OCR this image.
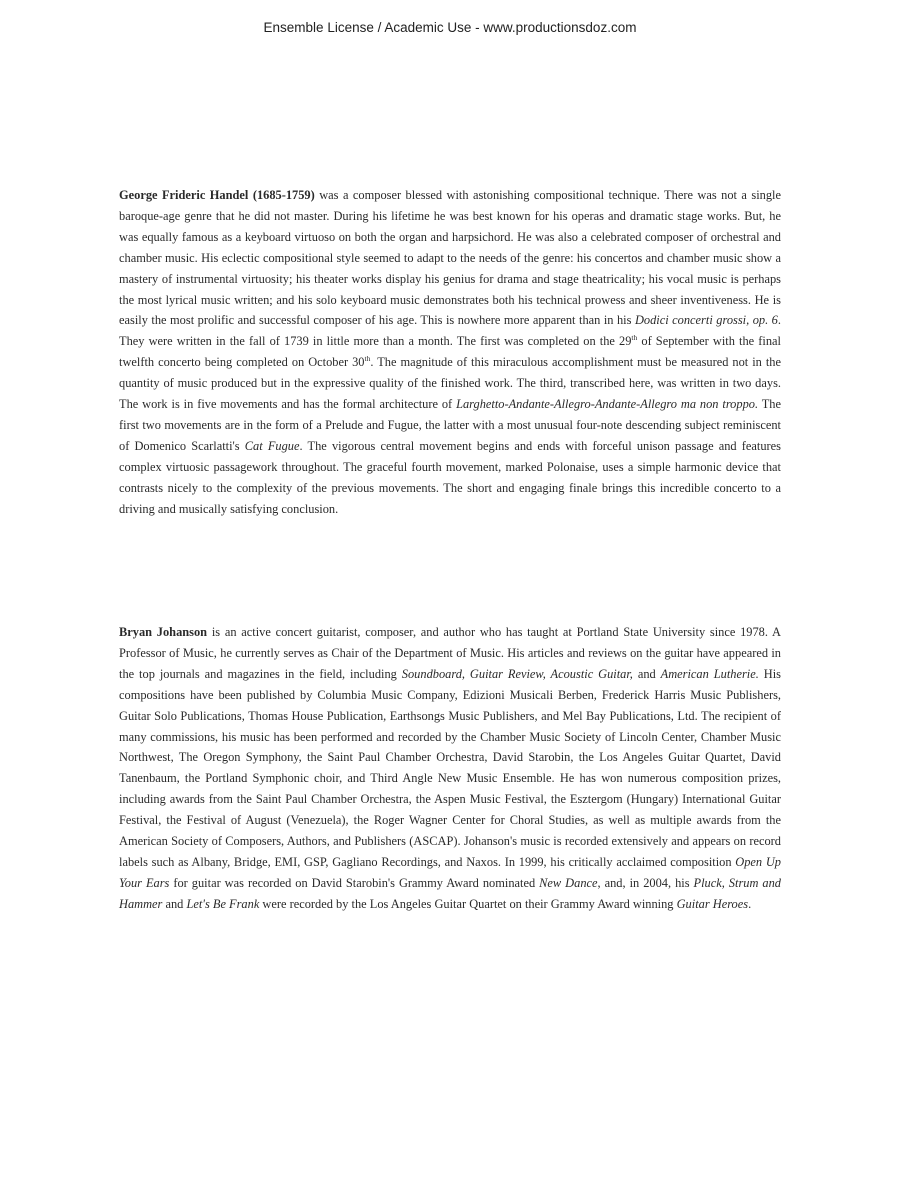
Ensemble License / Academic Use - www.productionsdoz.com

George Frideric Handel (1685-1759) was a composer blessed with astonishing compositional technique. There was not a single baroque-age genre that he did not master. During his lifetime he was best known for his operas and dramatic stage works. But, he was equally famous as a keyboard virtuoso on both the organ and harpsichord. He was also a celebrated composer of orchestral and chamber music. His eclectic compositional style seemed to adapt to the needs of the genre: his concertos and chamber music show a mastery of instrumental virtuosity; his theater works display his genius for drama and stage theatricality; his vocal music is perhaps the most lyrical music written; and his solo keyboard music demonstrates both his technical prowess and sheer inventiveness. He is easily the most prolific and successful composer of his age. This is nowhere more apparent than in his Dodici concerti grossi, op. 6. They were written in the fall of 1739 in little more than a month. The first was completed on the 29th of September with the final twelfth concerto being completed on October 30th. The magnitude of this miraculous accomplishment must be measured not in the quantity of music produced but in the expressive quality of the finished work. The third, transcribed here, was written in two days. The work is in five movements and has the formal architecture of Larghetto-Andante-Allegro-Andante-Allegro ma non troppo. The first two movements are in the form of a Prelude and Fugue, the latter with a most unusual four-note descending subject reminiscent of Domenico Scarlatti's Cat Fugue. The vigorous central movement begins and ends with forceful unison passage and features complex virtuosic passagework throughout. The graceful fourth movement, marked Polonaise, uses a simple harmonic device that contrasts nicely to the complexity of the previous movements. The short and engaging finale brings this incredible concerto to a driving and musically satisfying conclusion.

Bryan Johanson is an active concert guitarist, composer, and author who has taught at Portland State University since 1978. A Professor of Music, he currently serves as Chair of the Department of Music. His articles and reviews on the guitar have appeared in the top journals and magazines in the field, including Soundboard, Guitar Review, Acoustic Guitar, and American Lutherie. His compositions have been published by Columbia Music Company, Edizioni Musicali Berben, Frederick Harris Music Publishers, Guitar Solo Publications, Thomas House Publication, Earthsongs Music Publishers, and Mel Bay Publications, Ltd. The recipient of many commissions, his music has been performed and recorded by the Chamber Music Society of Lincoln Center, Chamber Music Northwest, The Oregon Symphony, the Saint Paul Chamber Orchestra, David Starobin, the Los Angeles Guitar Quartet, David Tanenbaum, the Portland Symphonic choir, and Third Angle New Music Ensemble. He has won numerous composition prizes, including awards from the Saint Paul Chamber Orchestra, the Aspen Music Festival, the Esztergom (Hungary) International Guitar Festival, the Festival of August (Venezuela), the Roger Wagner Center for Choral Studies, as well as multiple awards from the American Society of Composers, Authors, and Publishers (ASCAP). Johanson's music is recorded extensively and appears on record labels such as Albany, Bridge, EMI, GSP, Gagliano Recordings, and Naxos. In 1999, his critically acclaimed composition Open Up Your Ears for guitar was recorded on David Starobin's Grammy Award nominated New Dance, and, in 2004, his Pluck, Strum and Hammer and Let's Be Frank were recorded by the Los Angeles Guitar Quartet on their Grammy Award winning Guitar Heroes.
